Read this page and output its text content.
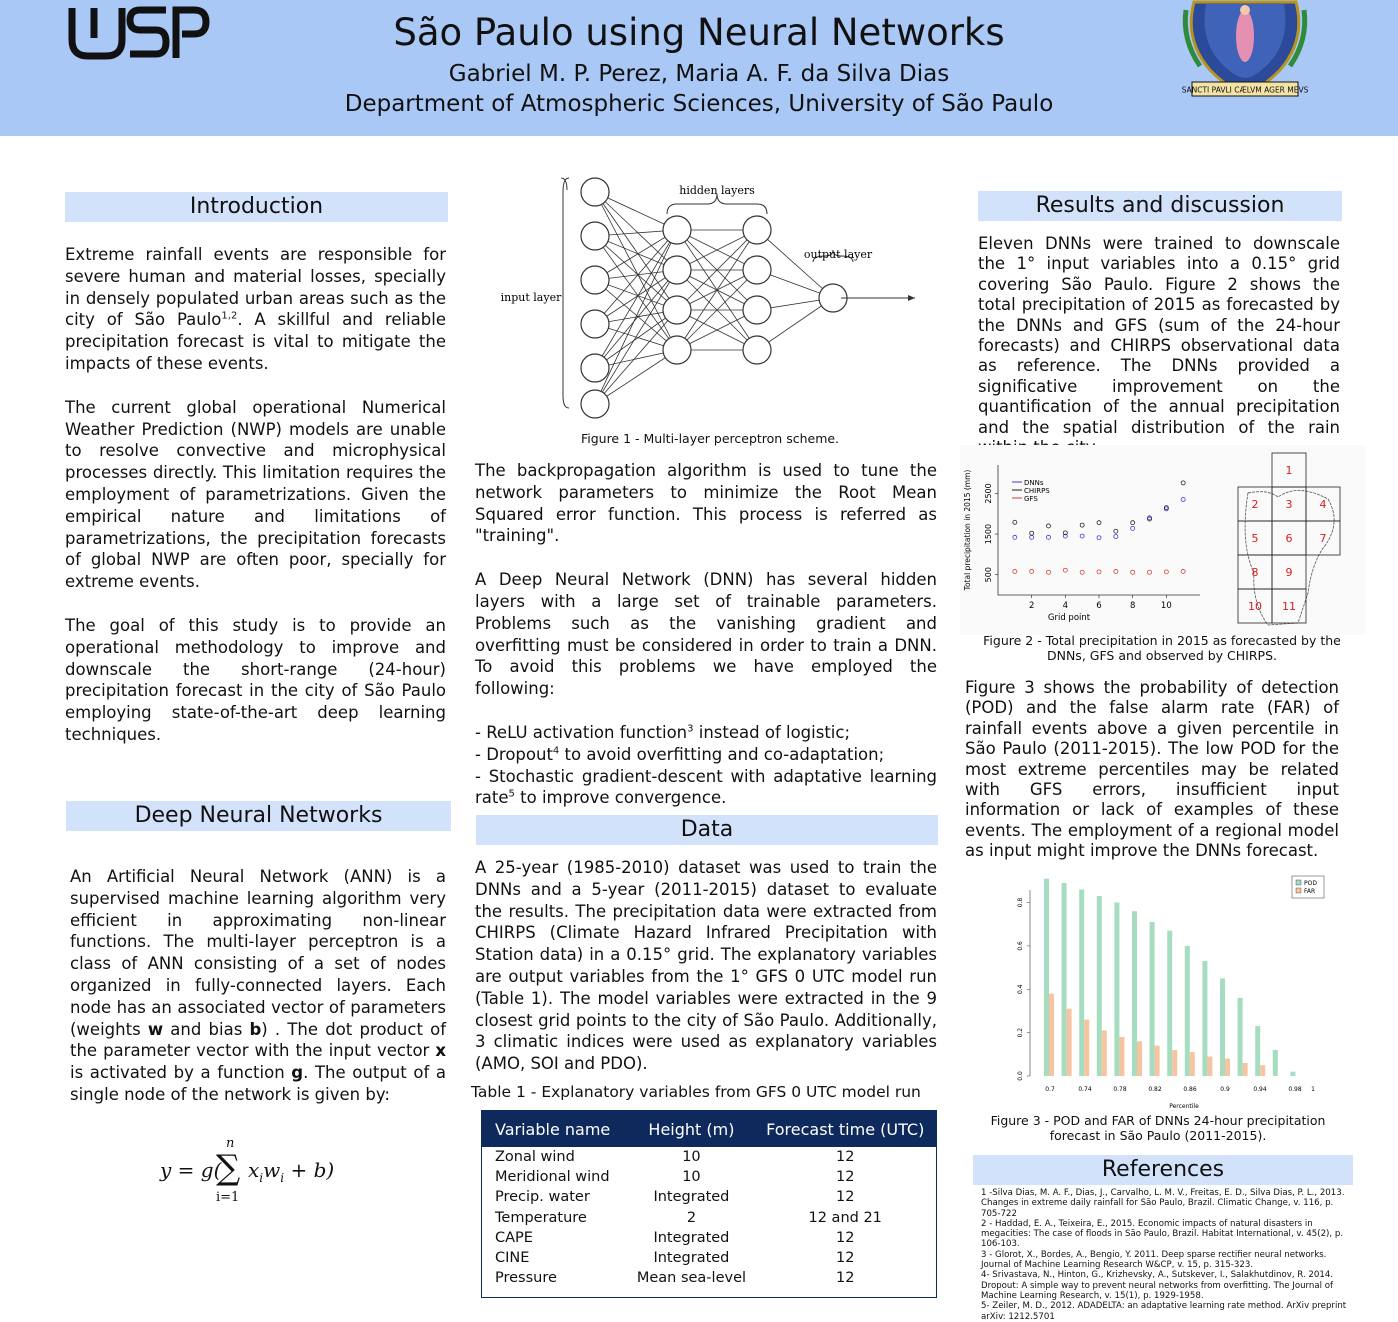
São Paulo using Neural Networks
Gabriel M. P. Perez, Maria A. F. da Silva Dias
Department of Atmospheric Sciences, University of São Paulo
SANCTI PAVLI CÆLVM AGER MEVS
Introduction

Extreme rainfall events are responsible for severe human and material losses, specially in densely populated urban areas such as the city of São Paulo$^{1,2}$. A skillful and reliable precipitation forecast is vital to mitigate the impacts of these events.

The current global operational Numerical Weather Prediction (NWP) models are unable to resolve convective and microphysical processes directly. This limitation requires the employment of parametrizations. Given the empirical nature and limitations of parametrizations, the precipitation forecasts of global NWP are often poor, specially for extreme events.

The goal of this study is to provide an operational methodology to improve and downscale the short-range (24-hour) precipitation forecast in the city of São Paulo employing state-of-the-art deep learning techniques.

Deep Neural Networks

An Artificial Neural Network (ANN) is a supervised machine learning algorithm very efficient in approximating non-linear functions. The multi-layer perceptron is a class of ANN consisting of a set of nodes organized in fully-connected layers. Each node has an associated vector of parameters (weights w and bias b) . The dot product of the parameter vector with the input vector x is activated by a function g. The output of a single node of the network is given by:

y = g(
n
∑
i=1
$x_iw_i + b$)
hidden layers
output layer
input layer
Figure 1 - Multi-layer perceptron scheme.

The backpropagation algorithm is used to tune the network parameters to minimize the Root Mean Squared error function. This process is referred as "training".

A Deep Neural Network (DNN) has several hidden layers with a large set of trainable parameters. Problems such as the vanishing gradient and overfitting must be considered in order to train a DNN. To avoid this problems we have employed the following:

- ReLU activation function$^3$ instead of logistic;
- Dropout$^4$ to avoid overfitting and co-adaptation;
- Stochastic gradient-descent with adaptative learning rate$^5$ to improve convergence.

Data

A 25-year (1985-2010) dataset was used to train the DNNs and a 5-year (2011-2015) dataset to evaluate the results. The precipitation data were extracted from CHIRPS (Climate Hazard Infrared Precipitation with Station data) in a 0.15° grid. The explanatory variables are output variables from the 1° GFS 0 UTC model run (Table 1). The model variables were extracted in the 9 closest grid points to the city of São Paulo. Additionally, 3 climatic indices were used as explanatory variables (AMO, SOI and PDO).

Table 1 - Explanatory variables from GFS 0 UTC model run
Variable name	Height (m)	Forecast time (UTC)
Zonal wind	10	12
Meridional wind	10	12
Precip. water	Integrated	12
Temperature	2	12 and 21
CAPE	Integrated	12
CINE	Integrated	12
Pressure	Mean sea-level	12
Results and discussion

Eleven DNNs were trained to downscale the 1° input variables into a 0.15° grid covering São Paulo. Figure 2 shows the total precipitation of 2015 as forecasted by the DNNs and GFS (sum of the 24-hour forecasts) and CHIRPS observational data as reference. The DNNs provided a significative improvement on the quantification of the annual precipitation and the spatial distribution of the rain

2	4	6	8	10
500
1500
2500
Grid point
Total precipitation in 2015 (mm)	DNNs
CHIRPS
GFS
1
2 3 4
5 6 7
8 9
10 11
Figure 2 - Total precipitation in 2015 as forecasted by the DNNs, GFS and observed by CHIRPS.

Figure 3 shows the probability of detection (POD) and the false alarm rate (FAR) of rainfall events above a given percentile in São Paulo (2011-2015). The low POD for the most extreme percentiles may be related with GFS errors, insufficient input information or lack of examples of these events. The employment of a regional model as input might improve the DNNs forecast.

0.0
0.2
0.4
0.6
0.8
0.7	0.74	0.78	0.82	0.86	0.9	0.94	0.98 1
Percentile
POD
FAR
Figure 3 - POD and FAR of DNNs 24-hour precipitation forecast in São Paulo (2011-2015).
References
1 -Silva Dias, M. A. F., Dias, J., Carvalho, L. M. V., Freitas, E. D., Silva Dias, P. L., 2013. Changes in extreme daily rainfall for São Paulo, Brazil. Climatic Change, v. 116, p. 705-722
2 - Haddad, E. A., Teixeira, E., 2015. Economic impacts of natural disasters in megacities: The case of floods in São Paulo, Brazil. Habitat International, v. 45(2), p. 106-103.
3 - Glorot, X., Bordes, A., Bengio, Y. 2011. Deep sparse rectifier neural networks. Journal of Machine Learning Research W&CP, v. 15, p. 315-323.
4- Srivastava, N., Hinton, G., Krizhevsky, A., Sutskever, I., Salakhutdinov, R. 2014. Dropout: A simple way to prevent neural networks from overfitting. The Journal of Machine Learning Research, v. 15(1), p. 1929-1958.
5- Zeiler, M. D., 2012. ADADELTA: an adaptative learning rate method. ArXiv preprint arXiv: 1212.5701
